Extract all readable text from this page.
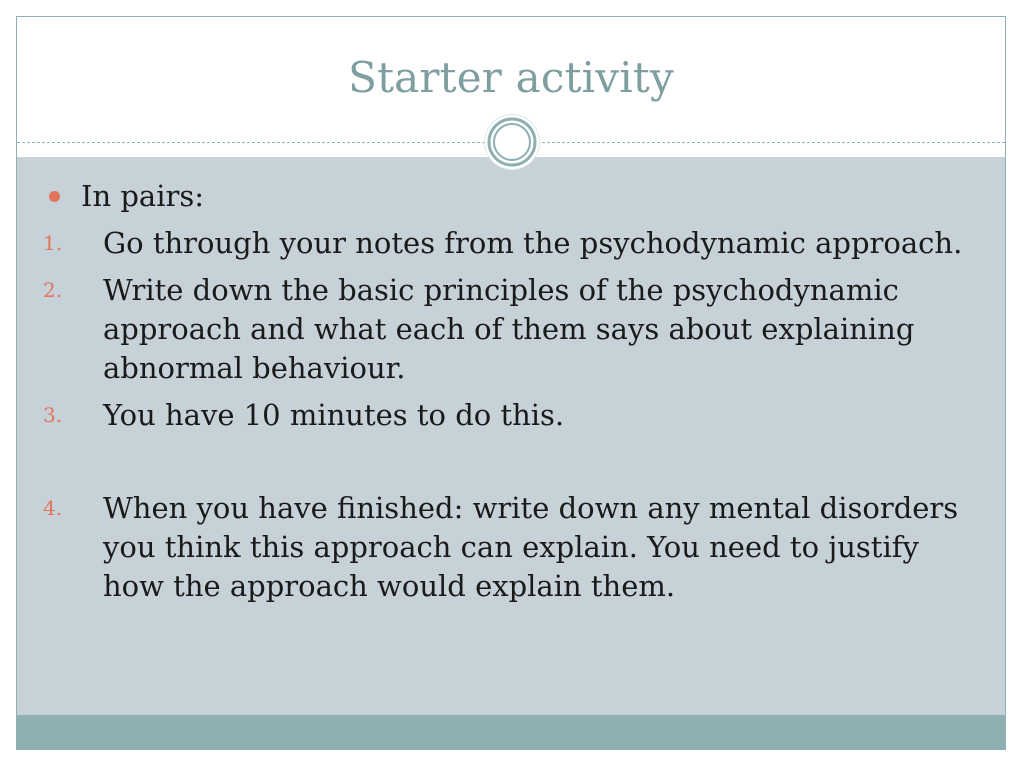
Starter activity
In pairs:
1.	Go through your notes from the psychodynamic approach.
2.	Write down the basic principles of the psychodynamic approach and what each of them says about explaining abnormal behaviour.
3.	You have 10 minutes to do this.
4.	When you have finished: write down any mental disorders you think this approach can explain. You need to justify how the approach would explain them.
